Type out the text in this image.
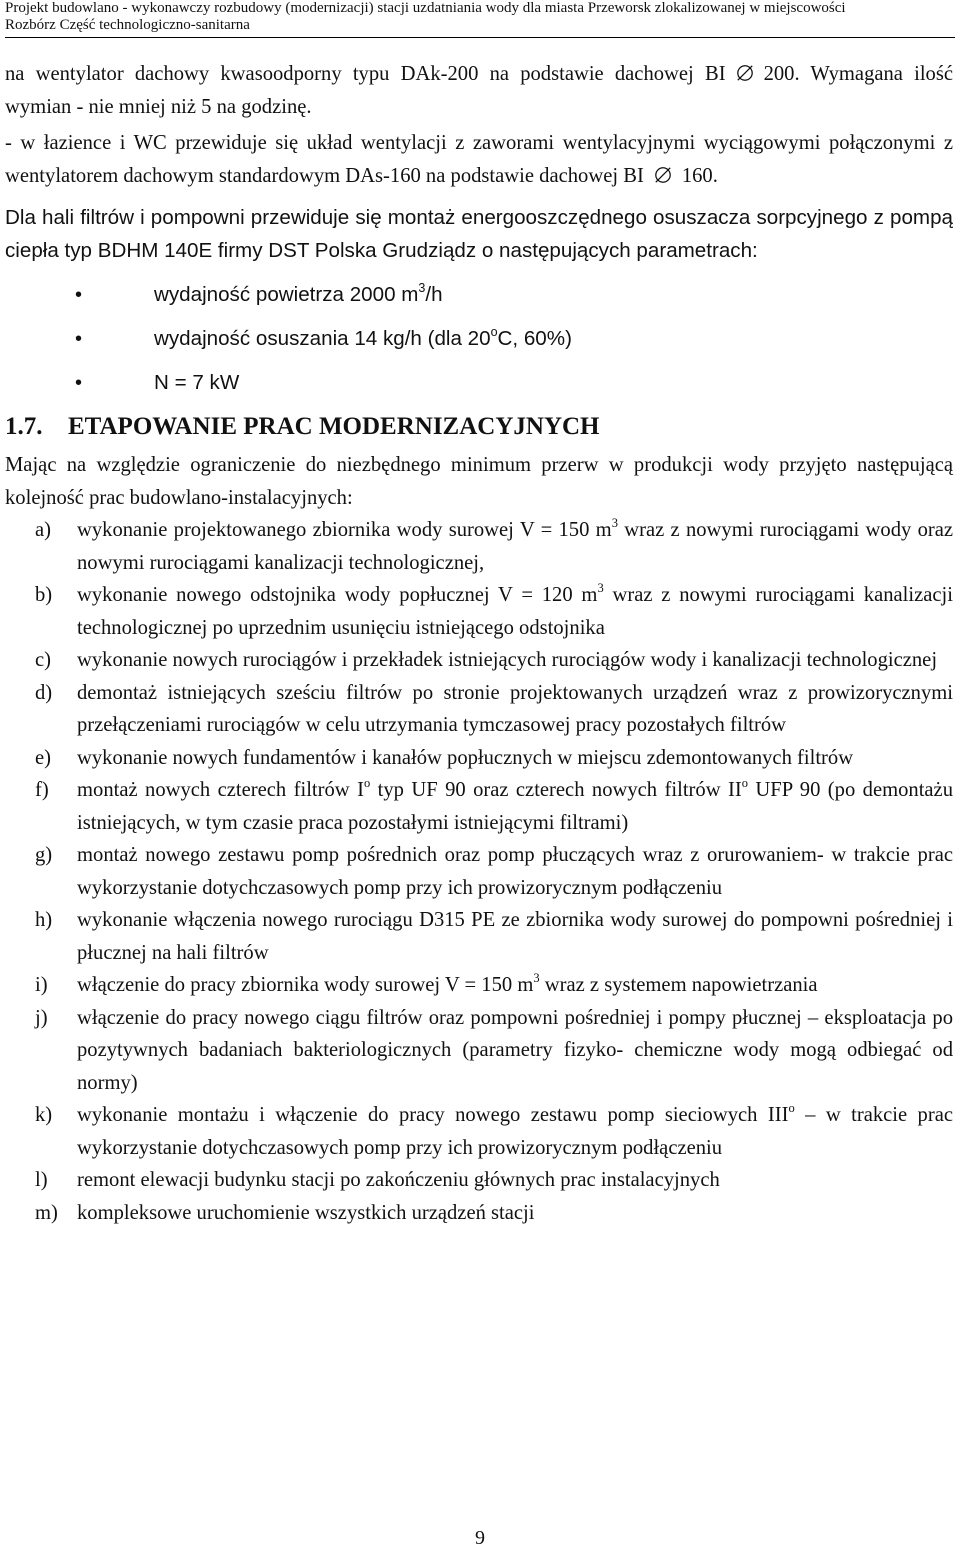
Projekt budowlano - wykonawczy rozbudowy (modernizacji) stacji uzdatniania wody dla miasta Przeworsk zlokalizowanej w miejscowości
Rozbórz Część technologiczno-sanitarna

na wentylator dachowy kwasoodporny typu DAk-200 na podstawie dachowej BI 200. Wymagana ilość wymian - nie mniej niż 5 na godzinę.

- w łazience i WC przewiduje się układ wentylacji z zaworami wentylacyjnymi wyciągowymi połączonymi z wentylatorem dachowym standardowym DAs-160 na podstawie dachowej BI 160.

Dla hali filtrów i pompowni przewiduje się montaż energooszczędnego osuszacza sorpcyjnego z pompą ciepła typ BDHM 140E firmy DST Polska Grudziądz o następujących parametrach:

• wydajność powietrza 2000 $m^3/h$
• wydajność osuszania 14 kg/h (dla 20$^o$C, 60%)
• N = 7 kW
1.7. ETAPOWANIE PRAC MODERNIZACYJNYCH

Mając na względzie ograniczenie do niezbędnego minimum przerw w produkcji wody przyjęto następującą kolejność prac budowlano-instalacyjnych:

a)	wykonanie projektowanego zbiornika wody surowej V = 150 $m^3$ wraz z nowymi rurociągami wody oraz nowymi rurociągami kanalizacji technologicznej,
b)	wykonanie nowego odstojnika wody popłucznej V = 120 $m^3$ wraz z nowymi rurociągami kanalizacji technologicznej po uprzednim usunięciu istniejącego odstojnika
c)	wykonanie nowych rurociągów i przekładek istniejących rurociągów wody i kanalizacji technologicznej
d)	demontaż istniejących sześciu filtrów po stronie projektowanych urządzeń wraz z prowizorycznymi przełączeniami rurociągów w celu utrzymania tymczasowej pracy pozostałych filtrów
e)	wykonanie nowych fundamentów i kanałów popłucznych w miejscu zdemontowanych filtrów
f)	montaż nowych czterech filtrów $I^o$ typ UF 90 oraz czterech nowych filtrów $II^o$ UFP 90 (po demontażu istniejących, w tym czasie praca pozostałymi istniejącymi filtrami)
g)	montaż nowego zestawu pomp pośrednich oraz pomp płuczących wraz z orurowaniem- w trakcie prac wykorzystanie dotychczasowych pomp przy ich prowizorycznym podłączeniu
h)	wykonanie włączenia nowego rurociągu D315 PE ze zbiornika wody surowej do pompowni pośredniej i płucznej na hali filtrów
i)	włączenie do pracy zbiornika wody surowej V = 150 $m^3$ wraz z systemem napowietrzania
j)	włączenie do pracy nowego ciągu filtrów oraz pompowni pośredniej i pompy płucznej – eksploatacja po pozytywnych badaniach bakteriologicznych (parametry fizyko- chemiczne wody mogą odbiegać od normy)
k)	wykonanie montażu i włączenie do pracy nowego zestawu pomp sieciowych III$^o$ – w trakcie prac wykorzystanie dotychczasowych pomp przy ich prowizorycznym podłączeniu
l)	remont elewacji budynku stacji po zakończeniu głównych prac instalacyjnych
m) kompleksowe uruchomienie wszystkich urządzeń stacji
9
